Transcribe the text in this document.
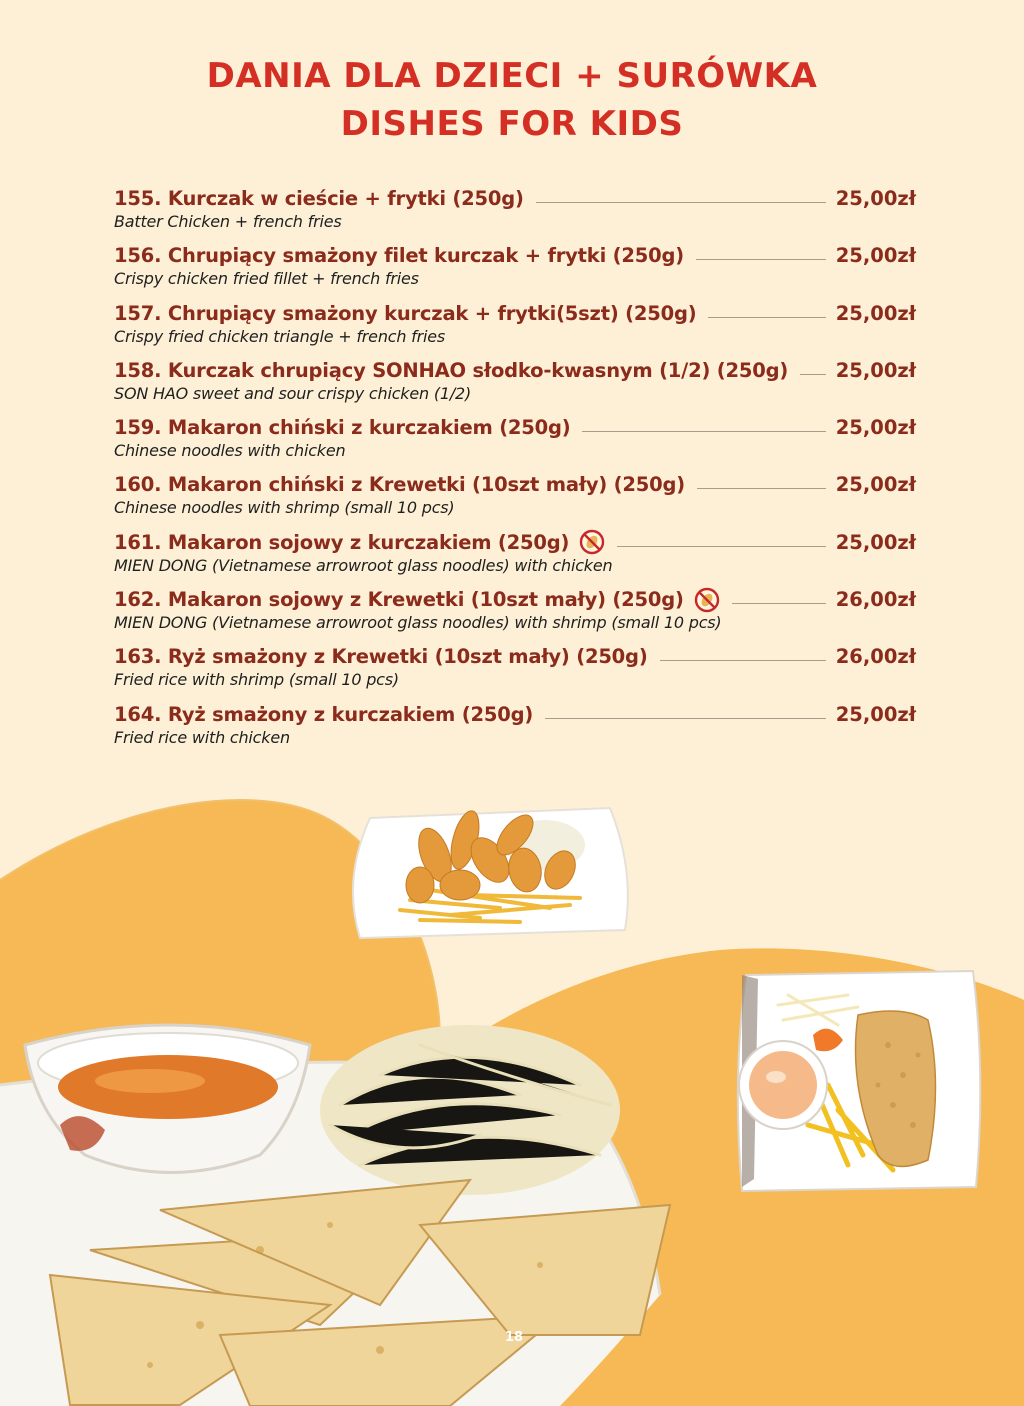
DANIA DLA DZIECI + SURÓWKA
DISHES FOR KIDS
155. Kurczak w cieście + frytki (250g)	25,00zł
Batter Chicken + french fries
156. Chrupiący smażony filet kurczak + frytki (250g)	25,00zł
Crispy chicken fried fillet + french fries
157. Chrupiący smażony kurczak + frytki(5szt) (250g)	25,00zł
Crispy fried chicken triangle + french fries
158. Kurczak chrupiący SONHAO słodko-kwasnym (1/2) (250g) 25,00zł
SON HAO sweet and sour crispy chicken (1/2)
159. Makaron chiński z kurczakiem (250g)	25,00zł
Chinese noodles with chicken
160. Makaron chiński z Krewetki (10szt mały) (250g)	25,00zł
Chinese noodles with shrimp (small 10 pcs)
161. Makaron sojowy z kurczakiem (250g)	25,00zł
MIEN DONG (Vietnamese arrowroot glass noodles) with chicken
162. Makaron sojowy z Krewetki (10szt mały) (250g)	26,00zł
MIEN DONG (Vietnamese arrowroot glass noodles) with shrimp (small 10 pcs)
163. Ryż smażony z Krewetki (10szt mały) (250g)	26,00zł
Fried rice with shrimp (small 10 pcs)
164. Ryż smażony z kurczakiem (250g)	25,00zł
Fried rice with chicken
18
